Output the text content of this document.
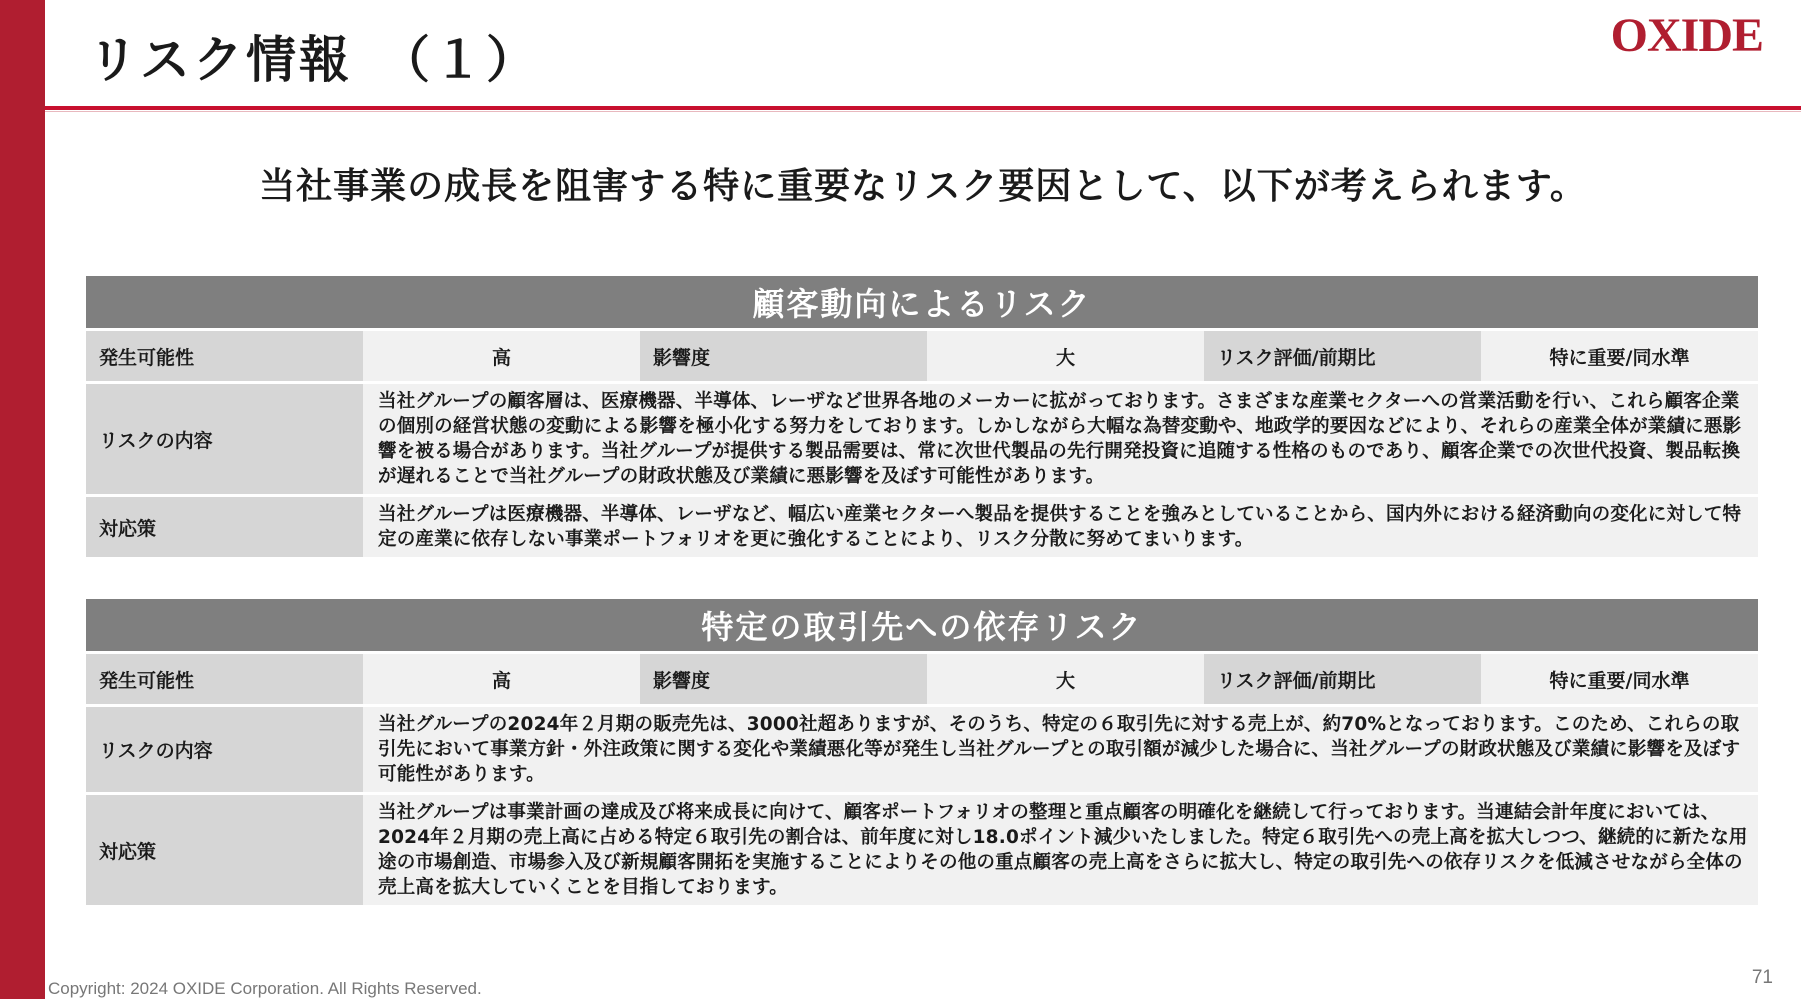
リスク情報　（１）	OXIDE
当社事業の成長を阻害する特に重要なリスク要因として、以下が考えられます。
顧客動向によるリスク					
発生可能性	高	影響度	大	リスク評価/前期比	特に重要/同水準
リスクの内容	当社グループの顧客層は、医療機器、半導体、レーザなど世界各地のメーカーに拡がっております。さまざまな産業セクターへの営業活動を行い、これら顧客企業の個別の経営状態の変動による影響を極小化する努力をしております。しかしながら大幅な為替変動や、地政学的要因などにより、それらの産業全体が業績に悪影響を被る場合があります。当社グループが提供する製品需要は、常に次世代製品の先行開発投資に追随する性格のものであり、顧客企業での次世代投資、製品転換が遅れることで当社グループの財政状態及び業績に悪影響を及ぼす可能性があります。				
対応策	当社グループは医療機器、半導体、レーザなど、幅広い産業セクターへ製品を提供することを強みとしていることから、国内外における経済動向の変化に対して特定の産業に依存しない事業ポートフォリオを更に強化することにより、リスク分散に努めてまいります。				
特定の取引先への依存リスク					
発生可能性	高	影響度	大	リスク評価/前期比	特に重要/同水準
リスクの内容	当社グループの2024年２月期の販売先は、3000社超ありますが、そのうち、特定の６取引先に対する売上が、約70%となっております。このため、これらの取引先において事業方針・外注政策に関する変化や業績悪化等が発生し当社グループとの取引額が減少した場合に、当社グループの財政状態及び業績に影響を及ぼす可能性があります。				
対応策	当社グループは事業計画の達成及び将来成長に向けて、顧客ポートフォリオの整理と重点顧客の明確化を継続して行っております。当連結会計年度においては、2024年２月期の売上高に占める特定６取引先の割合は、前年度に対し18.0ポイント減少いたしました。特定６取引先への売上高を拡大しつつ、継続的に新たな用途の市場創造、市場参入及び新規顧客開拓を実施することによりその他の重点顧客の売上高をさらに拡大し、特定の取引先への依存リスクを低減させながら全体の売上高を拡大していくことを目指しております。				
Copyright: 2024 OXIDE Corporation. All Rights Reserved.
71
